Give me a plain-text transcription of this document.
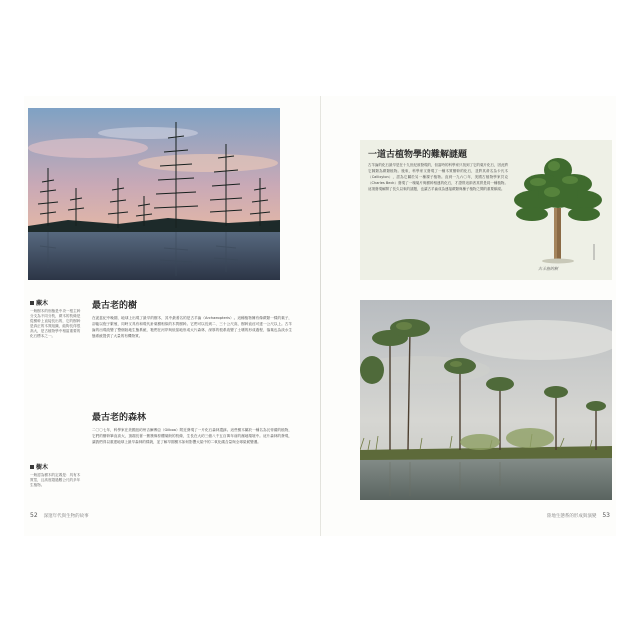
蕨木
一般樹木的形態是中央一根主幹分支為不同分枝，蕨木的枝條是從樹幹上直接長出的，它的樹幹是真正的木質組織，能夠長得很高大，是古植物學中相當重要的化石標本之一。
最古老的樹
在泥盆紀中晚期，地球上出現了最早的樹木，其中最著名的是古羊齒（Archaeopteris）。這種植物擁有像蕨類一樣的葉子，卻能以孢子繁殖，同時又具有和現代針葉樹相似的木質樹幹。它們可以長到二、三十公尺高，樹幹直徑可達一公尺以上。古羊齒的出現改變了整個陸地生態系統，牠們在河岸與低窪地形成大片森林，深厚的根系改變了土壤的形成過程，落葉也為淡水生態系統提供了大量的有機物質。
最古老的森林
二〇〇七年，科學家在美國紐約州吉爾博亞（Gilboa）附近發現了一片化石森林遺跡。這些樹木屬於一種名為瓦蒂薩的植物，它們的樹幹筆直高大，頂端長著一簇簇像棕櫚葉般的枝條，生長在大約三億八千五百萬年前的濕地環境中。這片森林的發現，讓我們得以重建地球上最早森林的樣貌，並了解早期樹木如何影響大氣中的二氧化碳含量與全球氣候變遷。
樹木
一般認為樹木的定義是：具有木質莖，且高度超過數公尺的多年生植物。
一道古植物學的難解謎題
古羊齒的化石最早是在十九世紀被發現的，但當時的科學家只找到了它的葉片化石，因此將它歸類為蕨類植物。後來，科學家又發現了一種木質樹幹的化石，並將其命名為卡氏木（Callixylon），認為它屬於另一種裸子植物。直到一九六〇年，美國古植物學家貝克（Charles Beck）發現了一塊葉片與樹幹相連的化石，才證實這兩者其實是同一種植物。這項發現解開了長久以來的謎題，也讓古羊齒成為連接蕨類與種子植物之間的重要橋梁。
古羊齒的樹
52 深邃年代與生物的故事	陸地生態系的形成與演變 53
